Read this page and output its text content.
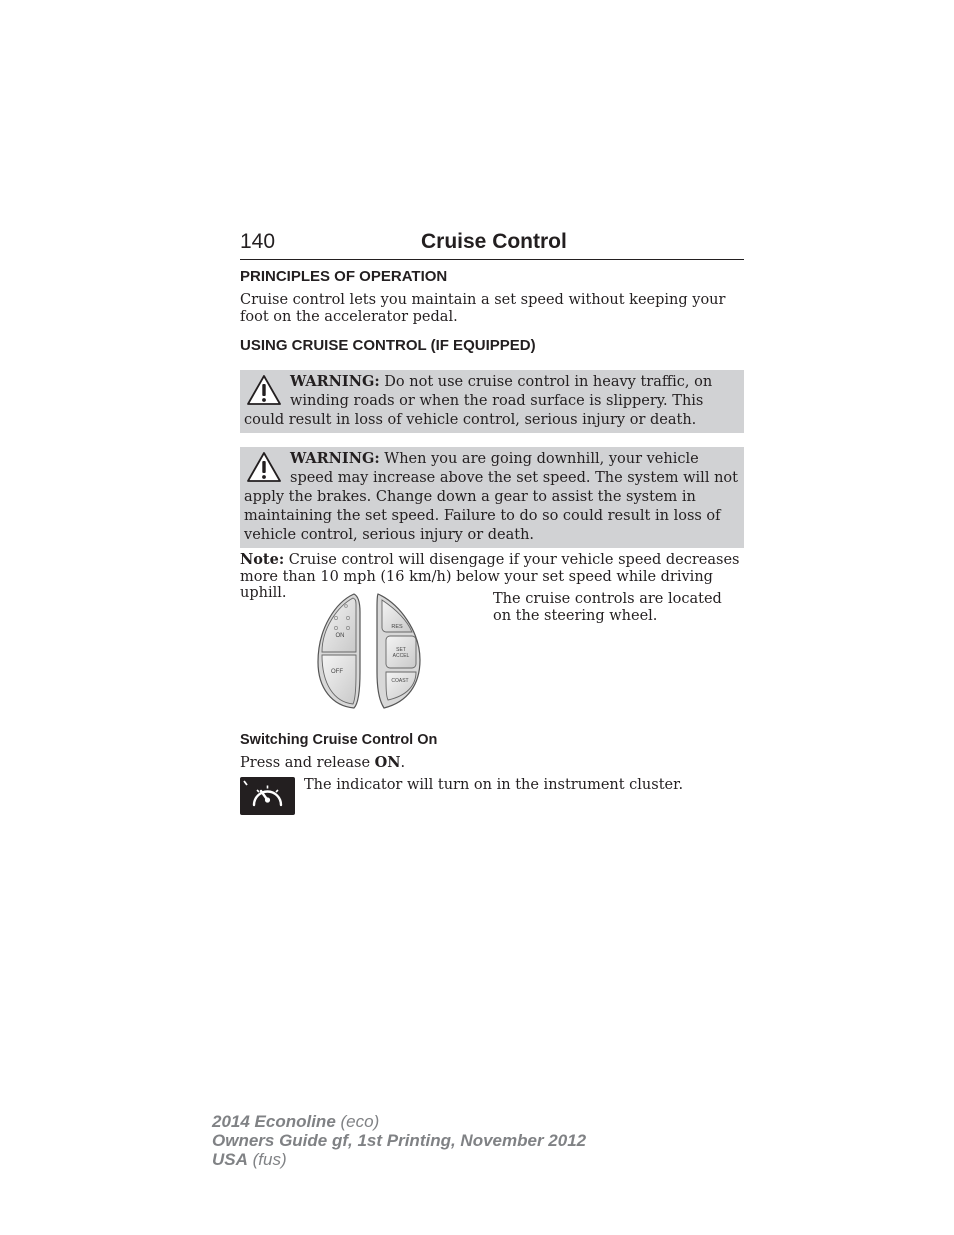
140	Cruise Control
PRINCIPLES OF OPERATION

Cruise control lets you maintain a set speed without keeping your foot on the accelerator pedal.

USING CRUISE CONTROL (IF EQUIPPED)

WARNING: Do not use cruise control in heavy traffic, on winding roads or when the road surface is slippery. This could result in loss of vehicle control, serious injury or death.

WARNING: When you are going downhill, your vehicle speed may increase above the set speed. The system will not apply the brakes. Change down a gear to assist the system in maintaining the set speed. Failure to do so could result in loss of vehicle control, serious injury or death.

Note: Cruise control will disengage if your vehicle speed decreases more than 10 mph (16 km/h) below your set speed while driving uphill.

ON
OFF
RES
SET
ACCEL
COAST

The cruise controls are located on the steering wheel.

Switching Cruise Control On

Press and release ON.

The indicator will turn on in the instrument cluster.

2014 Econoline (eco)
Owners Guide gf, 1st Printing, November 2012
USA (fus)
